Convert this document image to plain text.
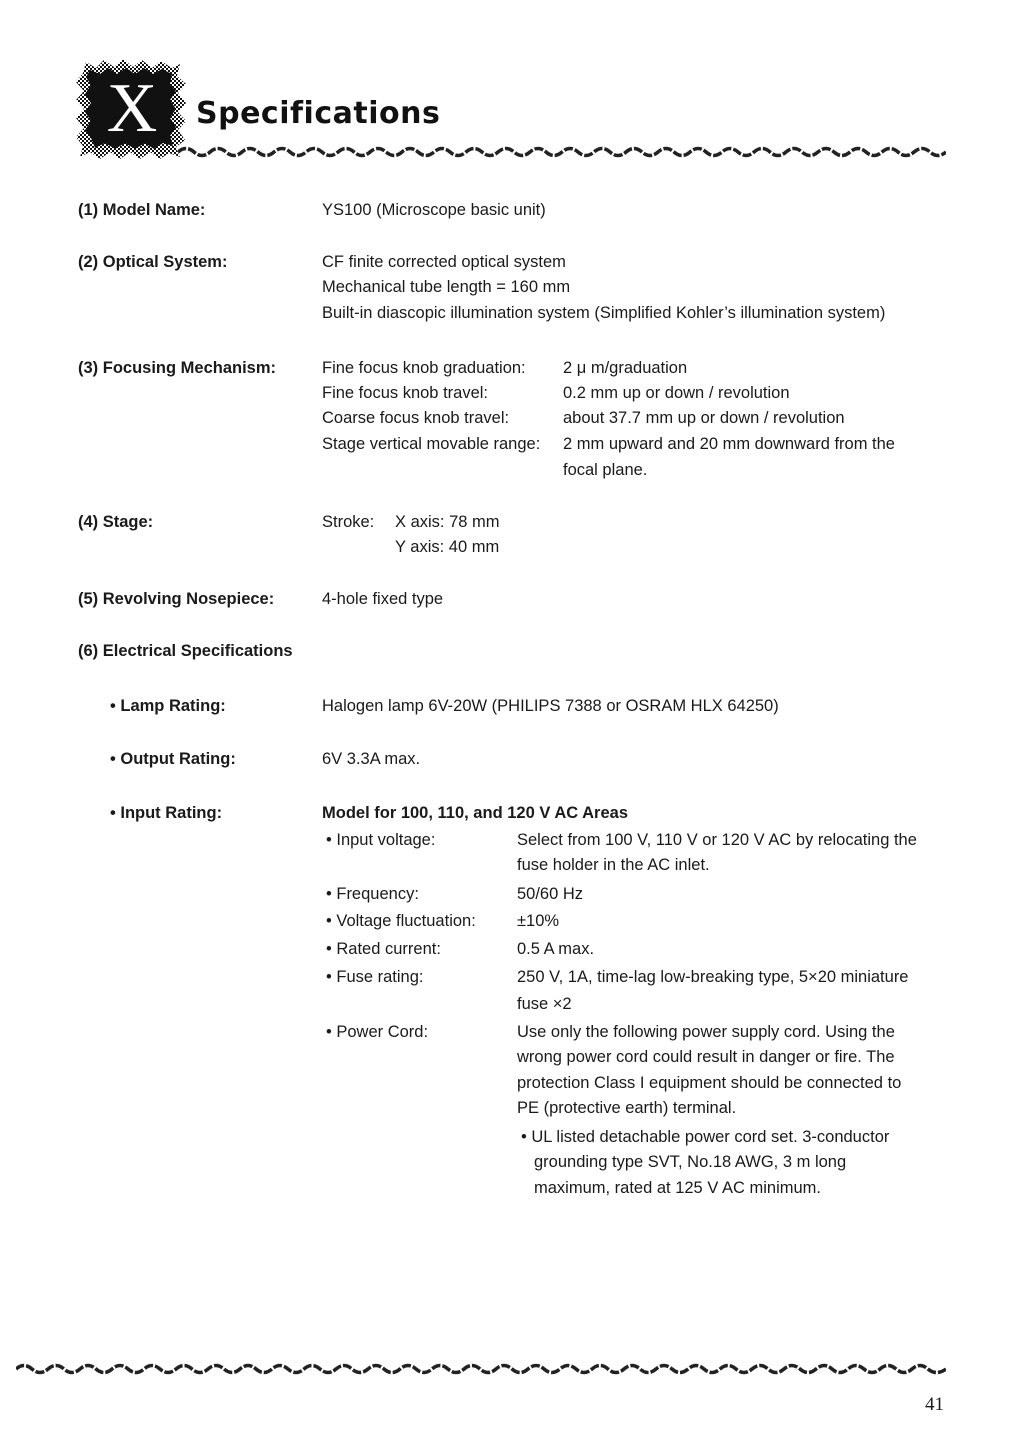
X	Specifications
(1) Model Name:	YS100 (Microscope basic unit)
(2) Optical System:	CF finite corrected optical system
Mechanical tube length = 160 mm
Built-in diascopic illumination system (Simplified Kohler’s illumination system)
(3) Focusing Mechanism:	Fine focus knob graduation: 2 μ m/graduation
Fine focus knob travel:	0.2 mm up or down / revolution
Coarse focus knob travel:	about 37.7 mm up or down / revolution
Stage vertical movable range: 2 mm upward and 20 mm downward from the
focal plane.
(4) Stage:	Stroke: X axis: 78 mm
Y axis: 40 mm
(5) Revolving Nosepiece:	4-hole fixed type
(6) Electrical Specifications
• Lamp Rating:	Halogen lamp 6V-20W (PHILIPS 7388 or OSRAM HLX 64250)
• Output Rating:	6V 3.3A max.
• Input Rating:	Model for 100, 110, and 120 V AC Areas
• Input voltage:	Select from 100 V, 110 V or 120 V AC by relocating the
fuse holder in the AC inlet.
• Frequency:	50/60 Hz
• Voltage fluctuation: ±10%
• Rated current:	0.5 A max.
• Fuse rating:	250 V, 1A, time-lag low-breaking type, 5×20 miniature
fuse ×2
• Power Cord:	Use only the following power supply cord. Using the
wrong power cord could result in danger or fire. The
protection Class I equipment should be connected to
PE (protective earth) terminal.
• UL listed detachable power cord set. 3-conductor
grounding type SVT, No.18 AWG, 3 m long
maximum, rated at 125 V AC minimum.
41
